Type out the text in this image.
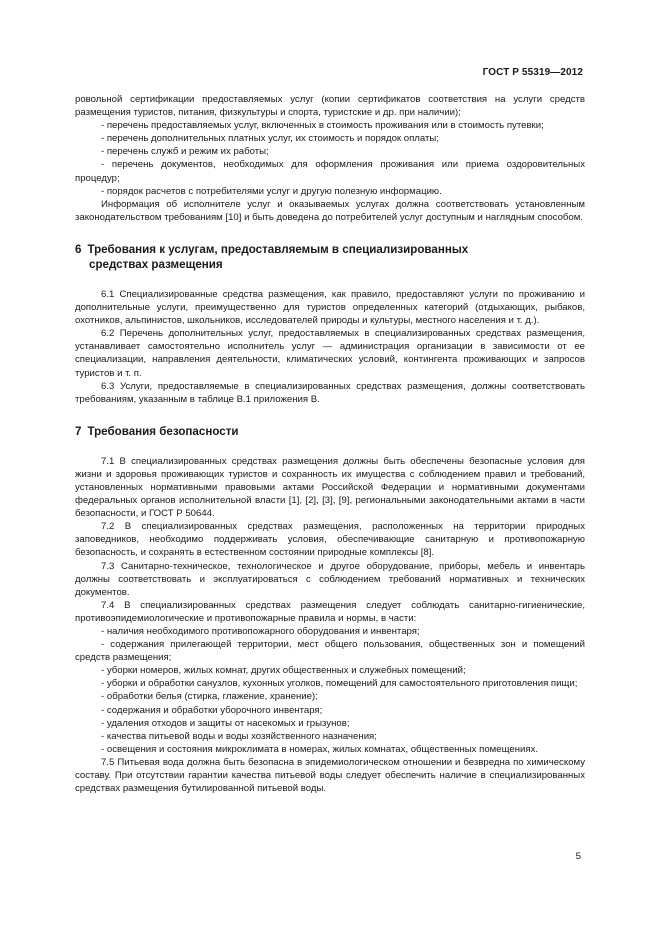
ГОСТ Р 55319—2012

ровольной сертификации предоставляемых услуг (копии сертификатов соответствия на услуги средств размещения туристов, питания, физкультуры и спорта, туристские и др. при наличии);

- перечень предоставляемых услуг, включенных в стоимость проживания или в стоимость путевки;

- перечень дополнительных платных услуг, их стоимость и порядок оплаты;

- перечень служб и режим их работы;

- перечень документов, необходимых для оформления проживания или приема оздоровительных процедур;

- порядок расчетов с потребителями услуг и другую полезную информацию.

Информация об исполнителе услуг и оказываемых услугах должна соответствовать установленным законодательством требованиям [10] и быть доведена до потребителей услуг доступным и наглядным способом.

6 Требования к услугам, предоставляемым в специализированных
средствах размещения

6.1 Специализированные средства размещения, как правило, предоставляют услуги по проживанию и дополнительные услуги, преимущественно для туристов определенных категорий (отдыхающих, рыбаков, охотников, альпинистов, школьников, исследователей природы и культуры, местного населения и т. д.).

6.2 Перечень дополнительных услуг, предоставляемых в специализированных средствах размещения, устанавливает самостоятельно исполнитель услуг — администрация организации в зависимости от ее специализации, направления деятельности, климатических условий, контингента проживающих и запросов туристов и т. п.

6.3 Услуги, предоставляемые в специализированных средствах размещения, должны соответствовать требованиям, указанным в таблице В.1 приложения В.

7 Требования безопасности

7.1 В специализированных средствах размещения должны быть обеспечены безопасные условия для жизни и здоровья проживающих туристов и сохранность их имущества с соблюдением правил и требований, установленных нормативными правовыми актами Российской Федерации и нормативными документами федеральных органов исполнительной власти [1], [2], [3], [9], региональными законодательными актами в части безопасности, и ГОСТ Р 50644.

7.2 В специализированных средствах размещения, расположенных на территории природных заповедников, необходимо поддерживать условия, обеспечивающие санитарную и противопожарную безопасность, и сохранять в естественном состоянии природные комплексы [8].

7.3 Санитарно-техническое, технологическое и другое оборудование, приборы, мебель и инвентарь должны соответствовать и эксплуатироваться с соблюдением требований нормативных и технических документов.

7.4 В специализированных средствах размещения следует соблюдать санитарно-гигиенические, противоэпидемиологические и противопожарные правила и нормы, в части:

- наличия необходимого противопожарного оборудования и инвентаря;

- содержания прилегающей территории, мест общего пользования, общественных зон и помещений средств размещения;

- уборки номеров, жилых комнат, других общественных и служебных помещений;

- уборки и обработки санузлов, кухонных уголков, помещений для самостоятельного приготовления пищи;

- обработки белья (стирка, глажение, хранение);

- содержания и обработки уборочного инвентаря;

- удаления отходов и защиты от насекомых и грызунов;

- качества питьевой воды и воды хозяйственного назначения;

- освещения и состояния микроклимата в номерах, жилых комнатах, общественных помещениях.

7.5 Питьевая вода должна быть безопасна в эпидемиологическом отношении и безвредна по химическому составу. При отсутствии гарантии качества питьевой воды следует обеспечить наличие в специализированных средствах размещения бутилированной питьевой воды.

5
